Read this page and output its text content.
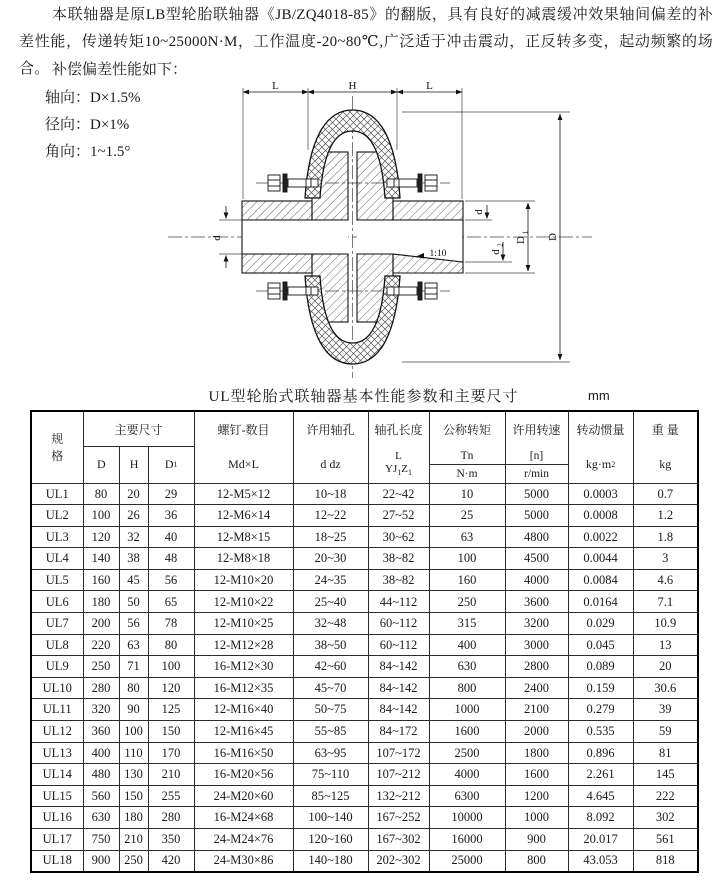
本联轴器是原LB型轮胎联轴器《JB/ZQ4018-85》的翻版，具有良好的减震缓冲效果轴间偏差的补差性能，传递转矩10~25000N·M，工作温度-20~80℃,广泛适于冲击震动，正反转多变，起动频繁的场合。 补偿偏差性能如下：
轴向：D×1.5%
径向：D×1%
角向：1~1.5°
L	H	L
d
d
d
2
D
1
D
1:10
UL型轮胎式联轴器基本性能参数和主要尺寸	mm
规 格

主要尺寸
D	H	D 1

螺钉-数目
Md×L

许用轴孔
d dz

轴孔长度
L
$YJ_1Z_1$

公称转矩
Tn
N·m

许用转速
[n]
r/min

转动惯量
kg·m 2

重 量
kg

UL1	80	20	29	12-M5×12	10~18	22~42	10	5000	0.0003	0.7
UL2	100	26	36	12-M6×14	12~22	27~52	25	5000	0.0008	1.2
UL3	120	32	40	12-M8×15	18~25	30~62	63	4800	0.0022	1.8
UL4	140	38	48	12-M8×18	20~30	38~82	100	4500	0.0044	3
UL5	160	45	56	12-M10×20	24~35	38~82	160	4000	0.0084	4.6
UL6	180	50	65	12-M10×22	25~40	44~112	250	3600	0.0164	7.1
UL7	200	56	78	12-M10×25	32~48	60~112	315	3200	0.029	10.9
UL8	220	63	80	12-M12×28	38~50	60~112	400	3000	0.045	13
UL9	250	71	100	16-M12×30	42~60	84~142	630	2800	0.089	20
UL10	280	80	120	16-M12×35	45~70	84~142	800	2400	0.159	30.6
UL11	320	90	125	12-M16×40	50~75	84~142	1000	2100	0.279	39
UL12	360	100	150	12-M16×45	55~85	84~172	1600	2000	0.535	59
UL13	400	110	170	16-M16×50	63~95	107~172	2500	1800	0.896	81
UL14	480	130	210	16-M20×56	75~110	107~212	4000	1600	2.261	145
UL15	560	150	255	24-M20×60	85~125	132~212	6300	1200	4.645	222
UL16	630	180	280	16-M24×68	100~140	167~252	10000	1000	8.092	302
UL17	750	210	350	24-M24×76	120~160	167~302	16000	900	20.017	561
UL18	900	250	420	24-M30×86	140~180	202~302	25000	800	43.053	818
